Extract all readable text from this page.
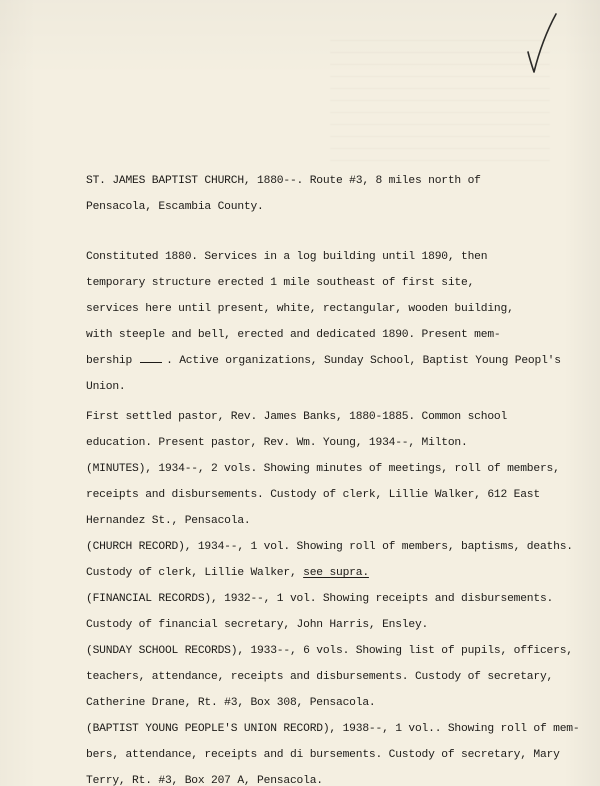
ST. JAMES BAPTIST CHURCH, 1880--. Route #3, 8 miles north of
Pensacola, Escambia County.
Constituted 1880. Services in a log building until 1890, then
temporary structure erected 1 mile southeast of first site,
services here until present, white, rectangular, wooden building,
with steeple and bell, erected and dedicated 1890. Present mem-
bership	. Active organizations, Sunday School, Baptist Young Peopl's
Union.
First settled pastor, Rev. James Banks, 1880-1885. Common school
education. Present pastor, Rev. Wm. Young, 1934--, Milton.
(MINUTES), 1934--, 2 vols. Showing minutes of meetings, roll of members,
receipts and disbursements. Custody of clerk, Lillie Walker, 612 East
Hernandez St., Pensacola.
(CHURCH RECORD), 1934--, 1 vol. Showing roll of members, baptisms, deaths.
Custody of clerk, Lillie Walker, see supra.
(FINANCIAL RECORDS), 1932--, 1 vol. Showing receipts and disbursements.
Custody of financial secretary, John Harris, Ensley.
(SUNDAY SCHOOL RECORDS), 1933--, 6 vols. Showing list of pupils, officers,
teachers, attendance, receipts and disbursements. Custody of secretary,
Catherine Drane, Rt. #3, Box 308, Pensacola.
(BAPTIST YOUNG PEOPLE'S UNION RECORD), 1938--, 1 vol.. Showing roll of mem-
bers, attendance, receipts and di bursements. Custody of secretary, Mary
Terry, Rt. #3, Box 207 A, Pensacola.
